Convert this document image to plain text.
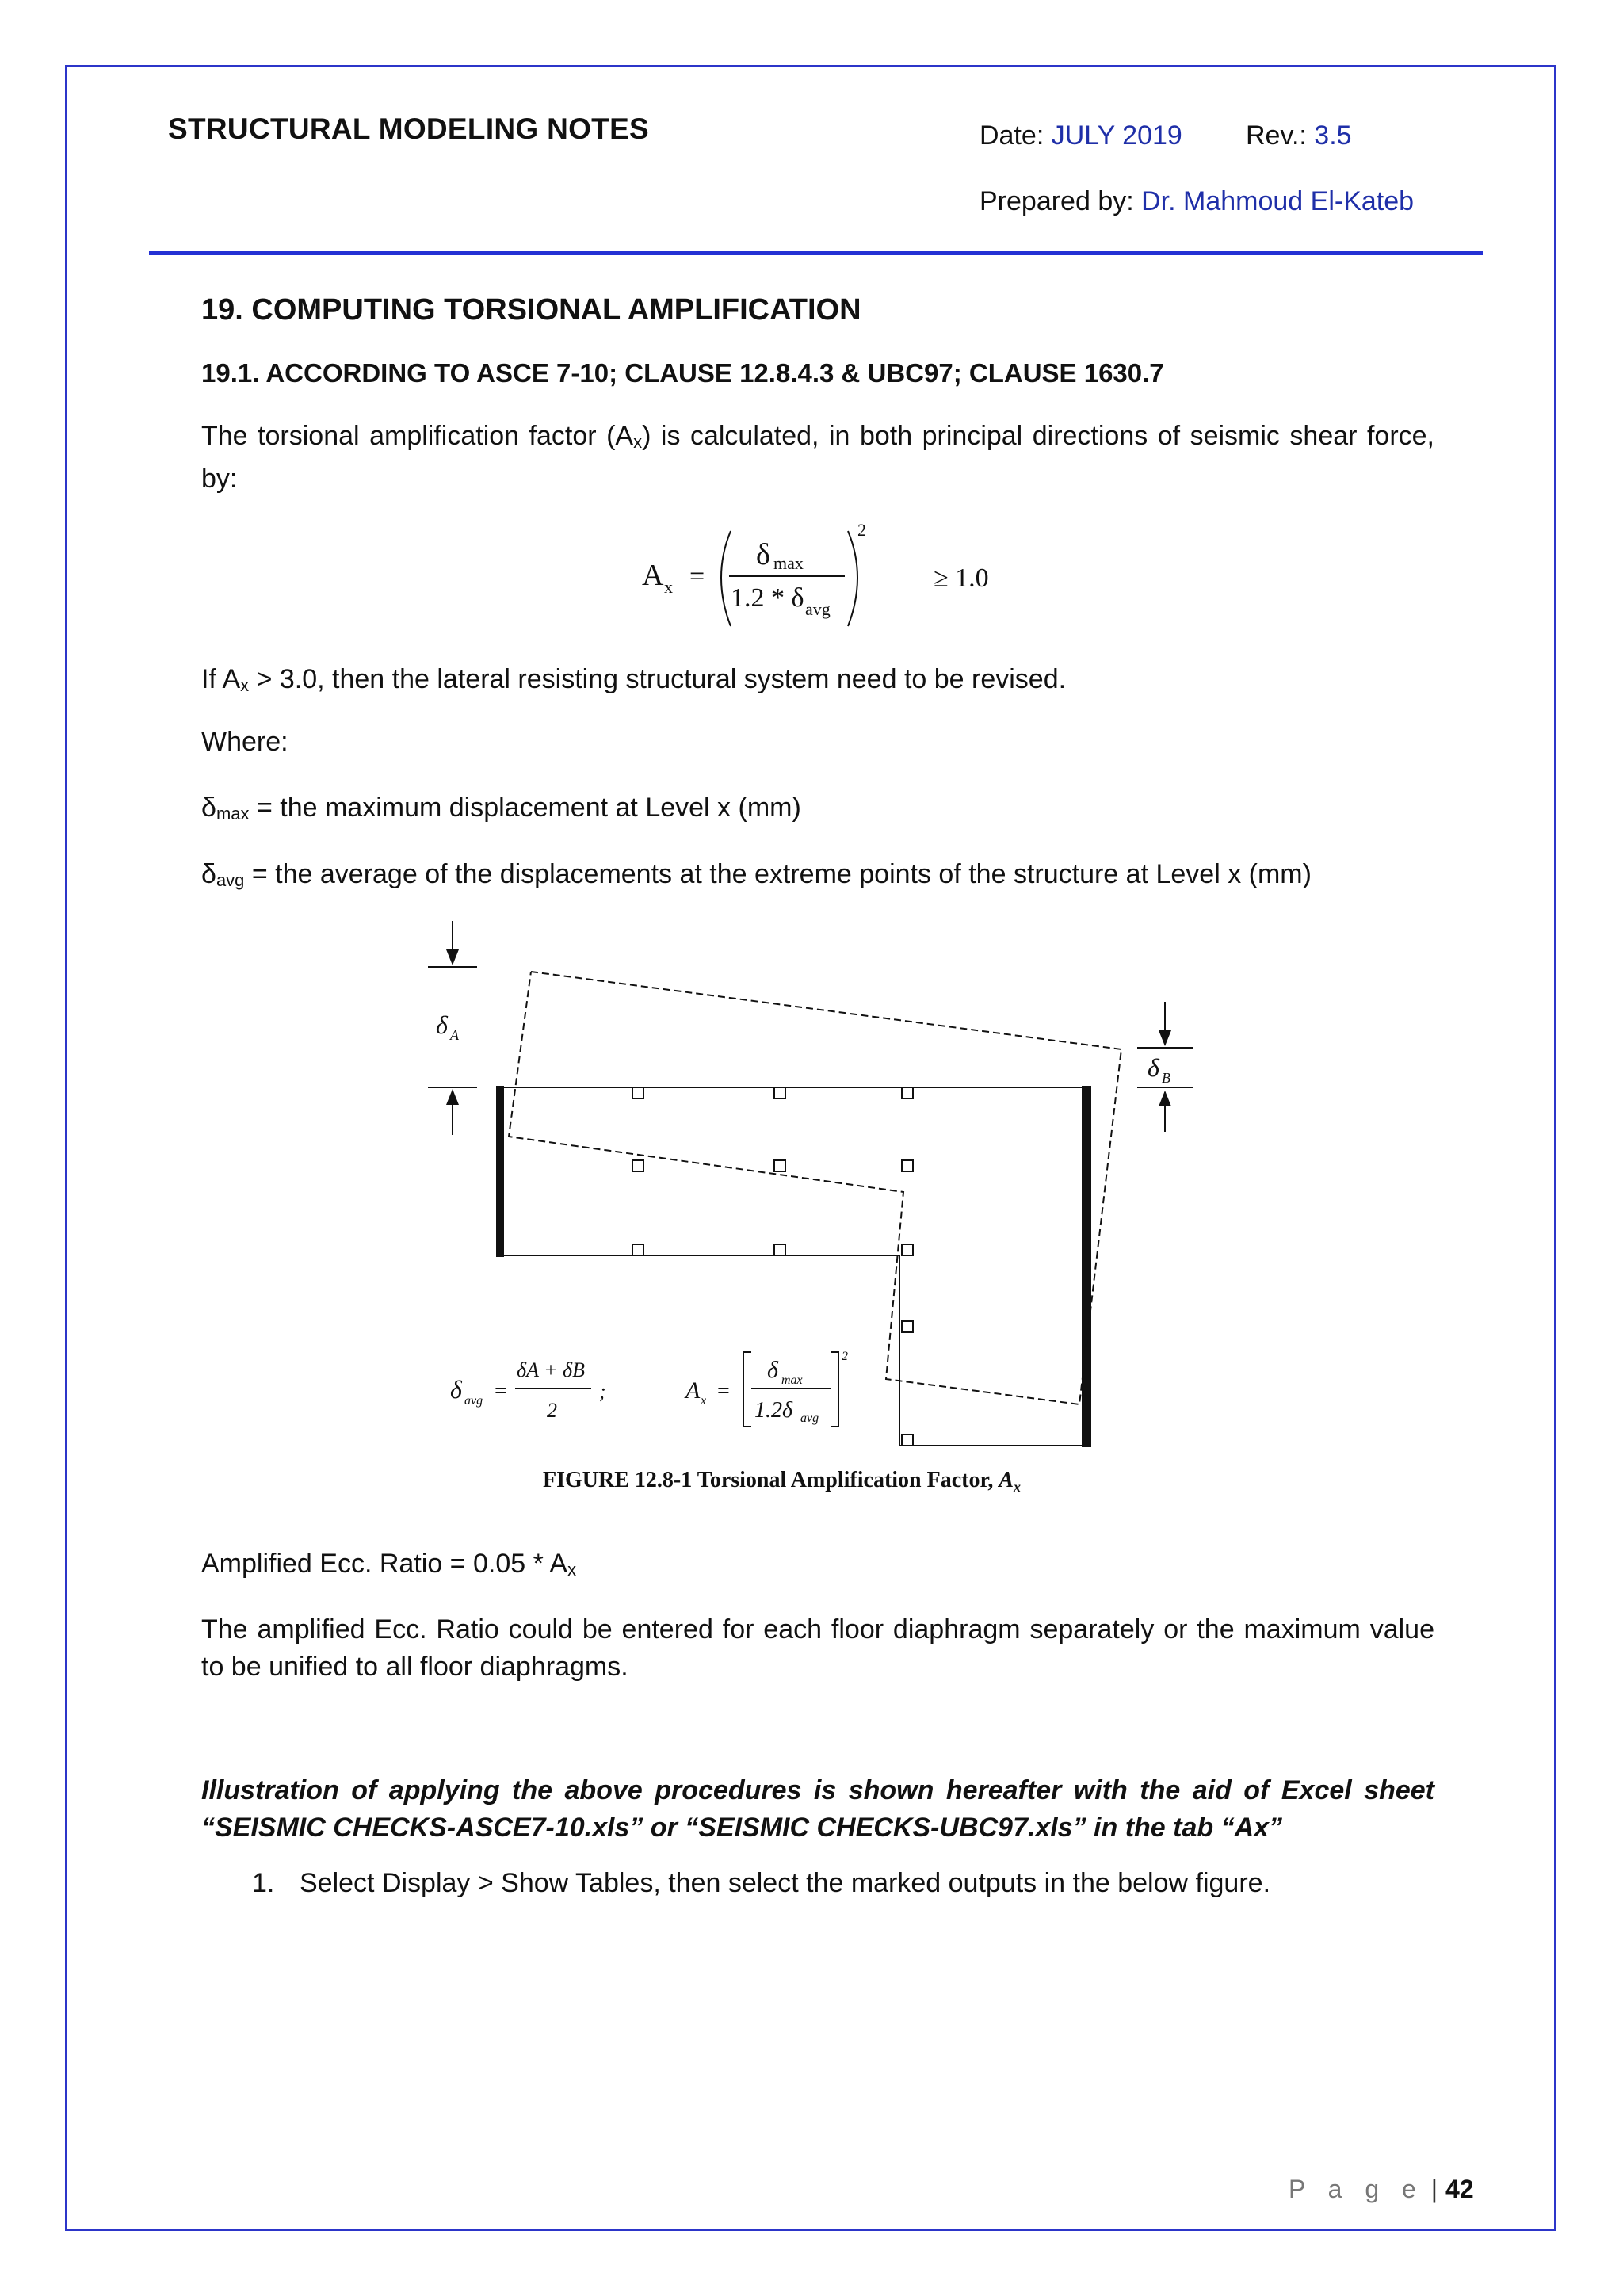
STRUCTURAL MODELING NOTES	Date: JULY 2019 Rev.: 3.5
Prepared by: Dr. Mahmoud El-Kateb
19. COMPUTING TORSIONAL AMPLIFICATION
19.1. ACCORDING TO ASCE 7-10; CLAUSE 12.8.4.3 & UBC97; CLAUSE 1630.7
The torsional amplification factor (Ax) is calculated, in both principal directions of seismic shear force, by:
A x =
δ max
1.2 * δ avg
2
≥ 1.0
If Ax > 3.0, then the lateral resisting structural system need to be revised.
Where:
δmax = the maximum displacement at Level x (mm)
δavg = the average of the displacements at the extreme points of the structure at Level x (mm)
δ A
δ B
δ avg =
δA + δB
2
;	A x =
δ max
1.2δ avg
2
FIGURE 12.8-1 Torsional Amplification Factor, $A_x$
Amplified Ecc. Ratio = 0.05 * Ax
The amplified Ecc. Ratio could be entered for each floor diaphragm separately or the maximum value to be unified to all floor diaphragms.
Illustration of applying the above procedures is shown hereafter with the aid of Excel sheet “SEISMIC CHECKS-ASCE7-10.xls” or “SEISMIC CHECKS-UBC97.xls” in the tab “Ax”
1. Select Display > Show Tables, then select the marked outputs in the below figure.
P a g e | 42
